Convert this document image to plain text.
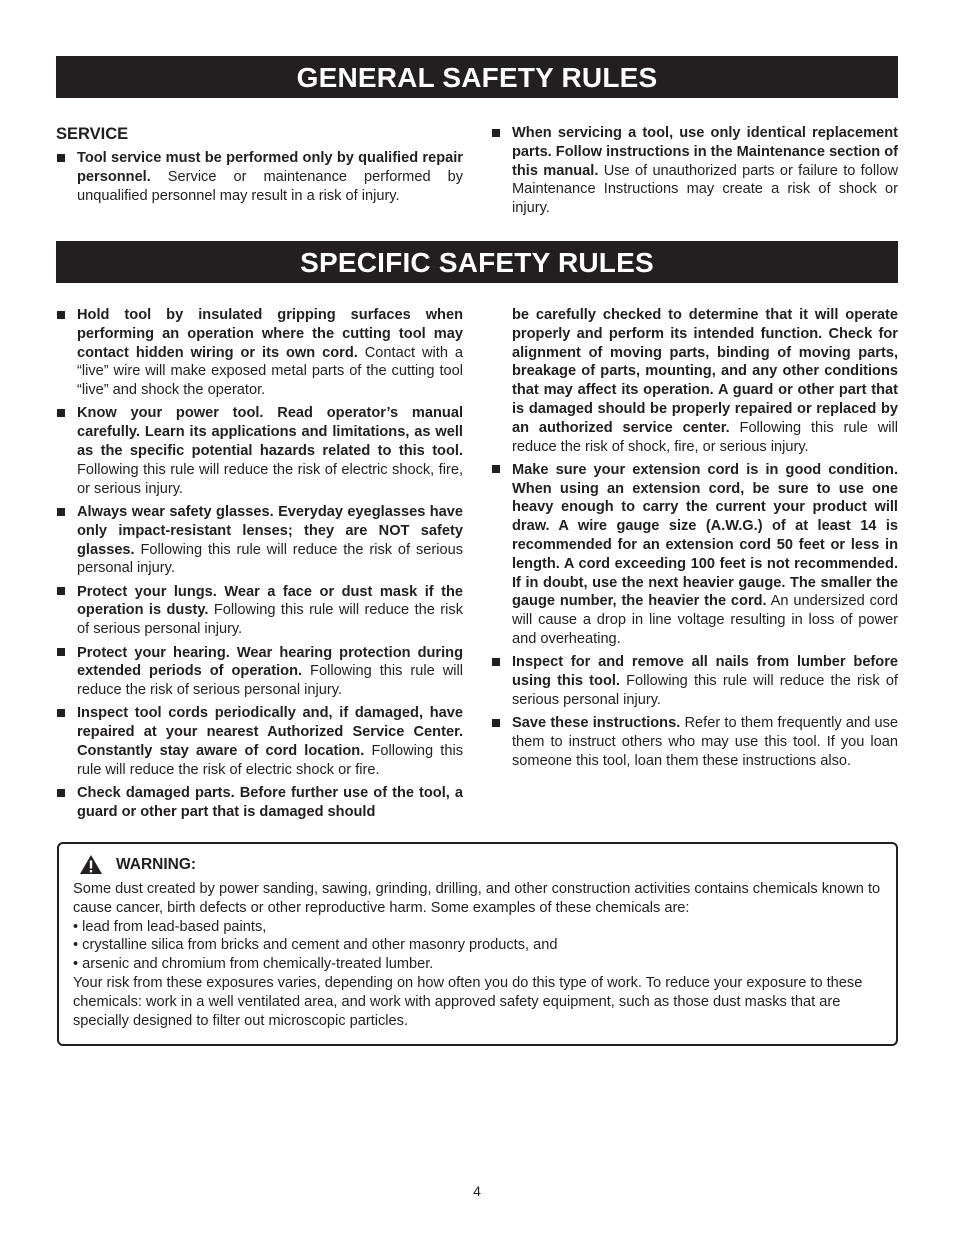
GENERAL SAFETY RULES
SERVICE
Tool service must be performed only by qualified repair personnel. Service or maintenance performed by unqualified personnel may result in a risk of injury.
When servicing a tool, use only identical replacement parts. Follow instructions in the Maintenance section of this manual. Use of unauthorized parts or failure to follow Maintenance Instructions may create a risk of shock or injury.
SPECIFIC SAFETY RULES
Hold tool by insulated gripping surfaces when performing an operation where the cutting tool may contact hidden wiring or its own cord. Contact with a “live” wire will make exposed metal parts of the cutting tool “live” and shock the operator.
Know your power tool. Read operator’s manual carefully. Learn its applications and limitations, as well as the specific potential hazards related to this tool. Following this rule will reduce the risk of electric shock, fire, or serious injury.
Always wear safety glasses. Everyday eyeglasses have only impact-resistant lenses; they are NOT safety glasses. Following this rule will reduce the risk of serious personal injury.
Protect your lungs. Wear a face or dust mask if the operation is dusty. Following this rule will reduce the risk of serious personal injury.
Protect your hearing. Wear hearing protection during extended periods of operation. Following this rule will reduce the risk of serious personal injury.
Inspect tool cords periodically and, if damaged, have repaired at your nearest Authorized Service Center. Constantly stay aware of cord location. Following this rule will reduce the risk of electric shock or fire.
Check damaged parts. Before further use of the tool, a guard or other part that is damaged should
be carefully checked to determine that it will operate properly and perform its intended function. Check for alignment of moving parts, binding of moving parts, breakage of parts, mounting, and any other conditions that may affect its operation. A guard or other part that is damaged should be properly repaired or replaced by an authorized service center. Following this rule will reduce the risk of shock, fire, or serious injury.
Make sure your extension cord is in good condition. When using an extension cord, be sure to use one heavy enough to carry the current your product will draw. A wire gauge size (A.W.G.) of at least 14 is recommended for an extension cord 50 feet or less in length. A cord exceeding 100 feet is not recommended. If in doubt, use the next heavier gauge. The smaller the gauge number, the heavier the cord. An undersized cord will cause a drop in line voltage resulting in loss of power and overheating.
Inspect for and remove all nails from lumber before using this tool. Following this rule will reduce the risk of serious personal injury.
Save these instructions. Refer to them frequently and use them to instruct others who may use this tool. If you loan someone this tool, loan them these instructions also.
WARNING:
Some dust created by power sanding, sawing, grinding, drilling, and other construction activities contains chemicals known to cause cancer, birth defects or other reproductive harm. Some examples of these chemicals are:
• lead from lead-based paints,
• crystalline silica from bricks and cement and other masonry products, and
• arsenic and chromium from chemically-treated lumber.
Your risk from these exposures varies, depending on how often you do this type of work. To reduce your exposure to these chemicals: work in a well ventilated area, and work with approved safety equipment, such as those dust masks that are specially designed to filter out microscopic particles.
4
